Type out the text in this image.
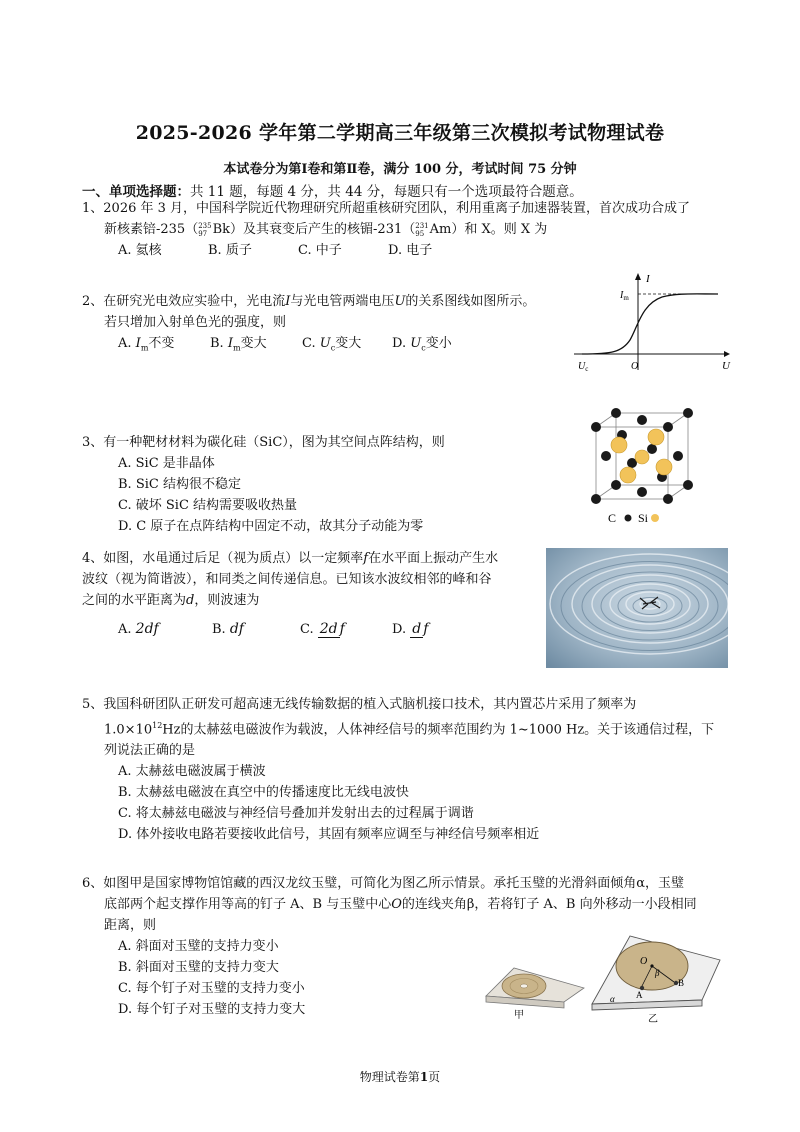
2025-2026 学年第二学期高三年级第三次模拟考试物理试卷
本试卷分为第Ⅰ卷和第Ⅱ卷，满分 100 分，考试时间 75 分钟
一、单项选择题：共 11 题，每题 4 分，共 44 分，每题只有一个选项最符合题意。
1、2026 年 3 月，中国科学院近代物理研究所超重核研究团队，利用重离子加速器装置，首次成功合成了
新核素锫-235（ 235
97 Bk ）及其衰变后产生的核镅-231（ 231
95 Am ）和 X。则 X 为
A. 氦核	B. 质子	C. 中子	D. 电子
2、在研究光电效应实验中，光电流I与光电管两端电压U的关系图线如图所示。
若只增加入射单色光的强度，则
A. $I_m$不变	B. $I_m$变大	C. $U_c$变大	D. $U_c$变小
I
$I_m$
O	U
$U_c$
3、有一种靶材材料为碳化硅（SiC），图为其空间点阵结构，则
A. SiC 是非晶体
B. SiC 结构很不稳定
C. 破坏 SiC 结构需要吸收热量
D. C 原子在点阵结构中固定不动，故其分子动能为零
C Si
4、如图，水黾通过后足（视为质点）以一定频率f在水平面上振动产生水
波纹（视为简谐波），和同类之间传递信息。已知该水波纹相邻的峰和谷
之间的水平距离为d，则波速为
A. 2df	B. df	C. 2d f	D. d f
5、我国科研团队正研发可超高速无线传输数据的植入式脑机接口技术，其内置芯片采用了频率为
$1.0\times 10^{12}Hz$的太赫兹电磁波作为载波，人体神经信号的频率范围约为 1~1000 Hz。关于该通信过程，下
列说法正确的是
A. 太赫兹电磁波属于横波
B. 太赫兹电磁波在真空中的传播速度比无线电波快
C. 将太赫兹电磁波与神经信号叠加并发射出去的过程属于调谐
D. 体外接收电路若要接收此信号，其固有频率应调至与神经信号频率相近
6、如图甲是国家博物馆馆藏的西汉龙纹玉璧，可简化为图乙所示情景。承托玉璧的光滑斜面倾角α，玉璧
底部两个起支撑作用等高的钉子 A、B 与玉璧中心O的连线夹角β，若将钉子 A、B 向外移动一小段相同
距离，则
A. 斜面对玉璧的支持力变小
B. 斜面对玉璧的支持力变大
C. 每个钉子对玉璧的支持力变小
D. 每个钉子对玉璧的支持力变大	甲
O
β
A
B
α
乙
物理试卷第1页
